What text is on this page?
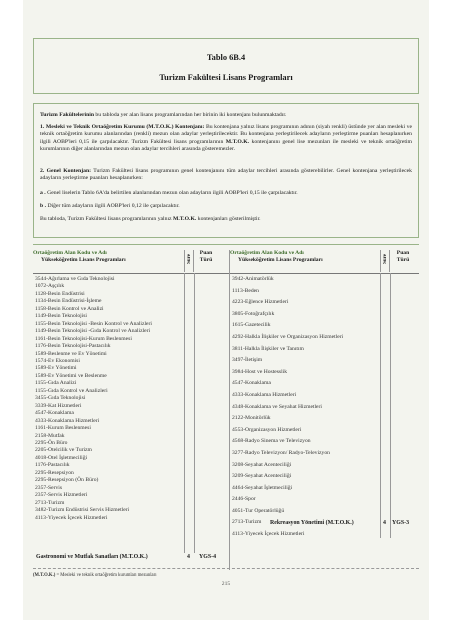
Tablo 6B.4
Turizm Fakültesi Lisans Programları

Turizm Fakültelerinin bu tabloda yer alan lisans programlarından her birinin iki kontenjanı bulunmaktadır.

1. Mesleki ve Teknik Ortaöğretim Kurumu (M.T.O.K.) Kontenjanı: Bu kontenjana yalnız lisans programının adının (siyah renkli) üstünde yer alan mesleki ve teknik ortaöğretim kurumu alanlarından (renkli) mezun olan adaylar yerleştirilecektir. Bu kontenjana yerleştirilecek adayların yerleştirme puanları hesaplanırken ilgili AOBP'leri 0,15 ile çarpılacaktır. Turizm Fakültesi lisans programlarının M.T.O.K. kontenjanını genel lise mezunları ile mesleki ve teknik ortaöğretim kurumlarının diğer alanlarından mezun olan adaylar tercihleri arasında gösteremezler.

2. Genel Kontenjan: Turizm Fakültesi lisans programının genel kontenjanını tüm adaylar tercihleri arasında gösterebilirler. Genel kontenjana yerleştirilecek adayların yerleştirme puanları hesaplanırken:

a . Genel liselerin Tablo 6A'da belirtilen alanlarından mezun olan adayların ilgili AOBP'leri 0,15 ile çarpılacaktır.

b . Diğer tüm adayların ilgili AOBP'leri 0,12 ile çarpılacaktır.

Bu tabloda, Turizm Fakültesi lisans programlarının yalnız M.T.O.K. kontenjanları gösterilmiştir.

Ortaöğretim Alan Kodu ve Adı
Yükseköğretim Lisans Programları	Süre
Puan
Türü
Ortaöğretim Alan Kodu ve Adı
Yükseköğretim Lisans Programları	Süre
Puan
Türü
3544-Ağırlama ve Gıda Teknolojisi
1072-Aşçılık
1128-Besin Endüstrisi
1134-Besin Endüstrisi-İşleme
1158-Besin Kontrol ve Analizi
1149-Besin Teknolojisi
1155-Besin Teknolojisi -Besin Kontrol ve Analizleri
1149-Besin Teknolojisi -Gıda Kontrol ve Analizleri
1161-Besin Teknolojisi-Kurum Beslenmesi
1176-Besin Teknolojisi-Pastacılık
1589-Beslenme ve Ev Yönetimi
1574-Ev Ekonomisi
1589-Ev Yönetimi
1589-Ev Yönetimi ve Beslenme
1155-Gıda Analizi
1155-Gıda Kontrol ve Analizleri
3455-Gıda Teknolojisi
3339-Kat Hizmetleri
4547-Konaklama
4333-Konaklama Hizmetleri
1161-Kurum Beslenmesi
2158-Mutfak
2295-Ön Büro
2205-Otelcilik ve Turizm
4018-Otel İşletmeciliği
1176-Pastacılık
2295-Resepsiyon
2295-Resepsiyon (Ön Büro)
2357-Servis
2357-Servis Hizmetleri
2713-Turizm
3482-Turizm Endüstrisi Servis Hizmetleri
4113-Yiyecek İçecek Hizmetleri
Gastronomi ve Mutfak Sanatları (M.T.O.K.)	4 YGS-4
3942-Animatörlük
1113-Beden
4223-Eğlence Hizmetleri
3805-Fotoğrafçılık
1615-Gazetecilik
4292-Halkla İlişkiler ve Organizasyon Hizmetleri
3811-Halkla İlişkiler ve Tanıtım
3497-İletişim
3984-Host ve Hostesslik
4547-Konaklama
4333-Konaklama Hizmetleri
4348-Konaklama ve Seyahat Hizmetleri
2122-Monitörlük
4553-Organizasyon Hizmetleri
4568-Radyo Sinema ve Televizyon
3277-Radyo Televizyon/ Radyo-Televizyon
3208-Seyahat Acenteciliği
3209-Seyahat Acenteciliği
4464-Seyahat İşletmeciliği
2446-Spor
4051-Tur Operatörlüğü
2713-Turizm
4113-Yiyecek İçecek Hizmetleri
Rekreasyon Yönetimi (M.T.O.K.)	4 YGS-3
(M.T.O.K.) = Mesleki ve teknik ortaöğretim kurumları mezunları
215
